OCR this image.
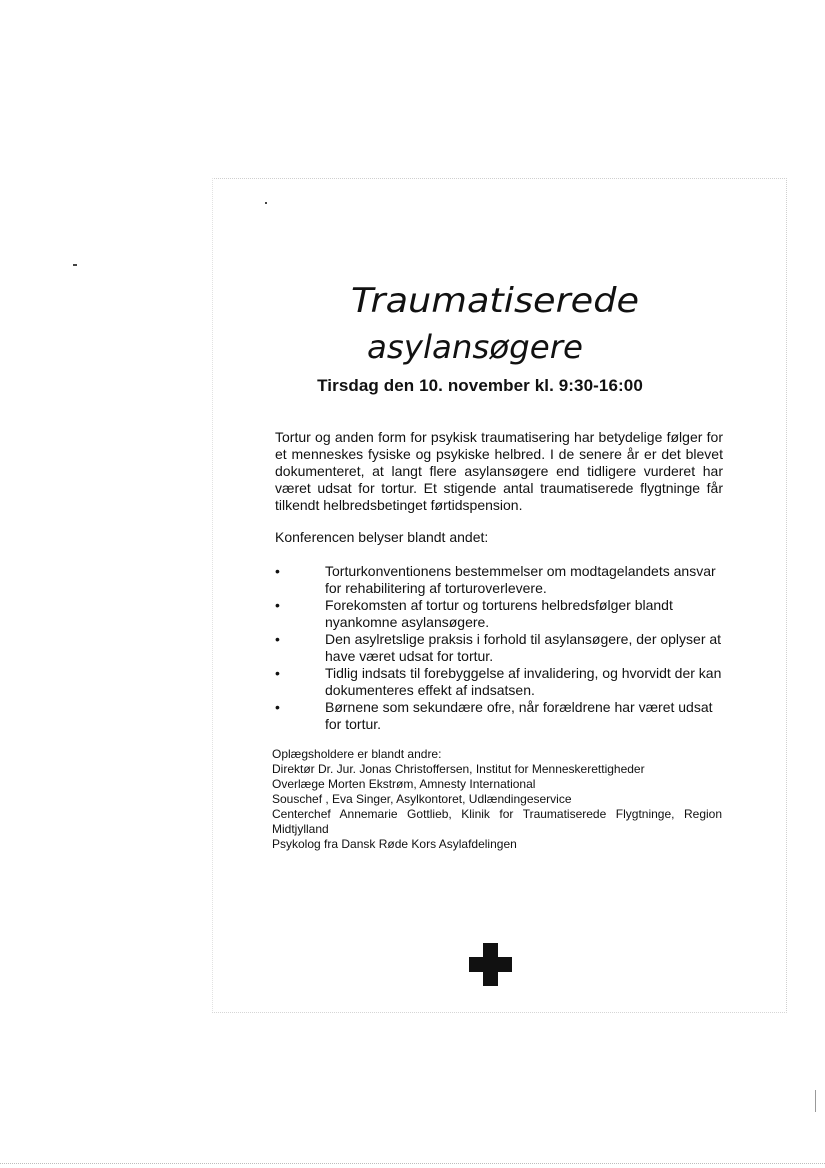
Traumatiserede
asylansøgere
Tirsdag den 10. november kl. 9:30-16:00

Tortur og anden form for psykisk traumatisering har betydelige følger for et menneskes fysiske og psykiske helbred. I de senere år er det blevet dokumenteret, at langt flere asylansøgere end tidligere vurderet har været udsat for tortur. Et stigende antal traumatiserede flygtninge får tilkendt helbredsbetinget førtidspension.

Konferencen belyser blandt andet:

•	Torturkonventionens bestemmelser om modtagelandets ansvar for rehabilitering af torturoverlevere.
•	Forekomsten af tortur og torturens helbredsfølger blandt nyankomne asylansøgere.
•	Den asylretslige praksis i forhold til asylansøgere, der oplyser at have været udsat for tortur.
•	Tidlig indsats til forebyggelse af invalidering, og hvorvidt der kan dokumenteres effekt af indsatsen.
•	Børnene som sekundære ofre, når forældrene har været udsat for tortur.
Oplægsholdere er blandt andre:
Direktør Dr. Jur. Jonas Christoffersen, Institut for Menneskerettigheder
Overlæge Morten Ekstrøm, Amnesty International
Souschef , Eva Singer, Asylkontoret, Udlændingeservice
Centerchef Annemarie Gottlieb, Klinik for Traumatiserede Flygtninge, Region Midtjylland
Psykolog fra Dansk Røde Kors Asylafdelingen
